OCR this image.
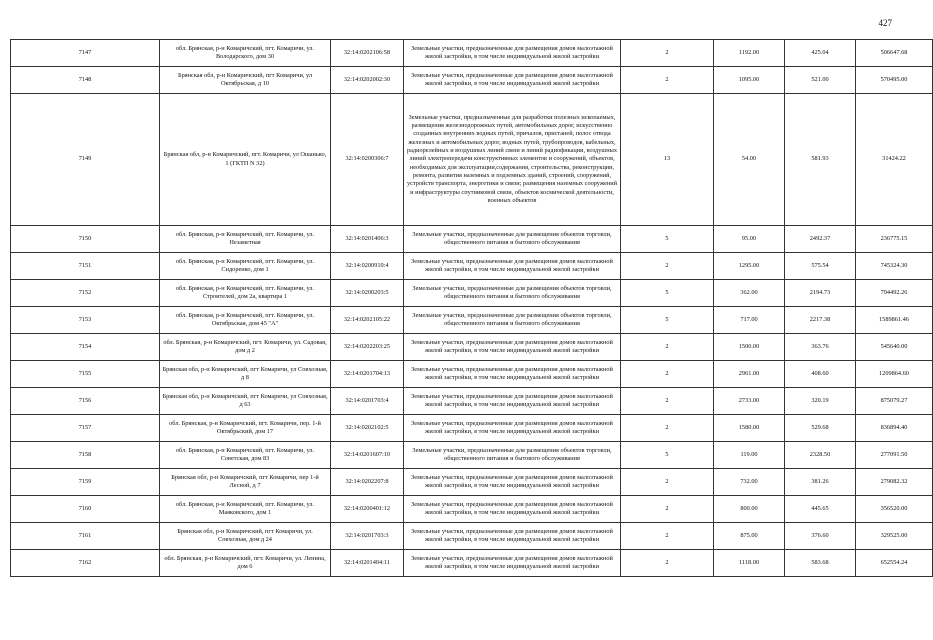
427
7147	обл. Брянская, р-н Комаричский, пгт. Комаричи, ул. Володарского, дом 30	32:14:0202106:58	Земельные участки, предназначенные для размещения домов малоэтажной жилой застройки, в том числе индивидуальной жилой застройки	2	1192.00	425.04	506647.68
7148	Брянская обл, р-н Комаричский, пгт Комаричи, ул Октябрьская, д 10	32:14:0202002:30	Земельные участки, предназначенные для размещения домов малоэтажной жилой застройки, в том числе индивидуальной жилой застройки	2	1095.00	521.00	570495.00
7149	Брянская обл, р-н Комаричский, пгт. Комаричи, ул Ошанько, 1 (ГКТП N 32)	32:14:0200306:7	Земельные участки, предназначенные для разработки полезных ископаемых, размещения железнодорожных путей, автомобильных дорог, искусственно созданных внутренних водных путей, причалов, пристаней, полос отвода железных и автомобильных дорог, водных путей, трубопроводов, кабельных, радиорелейных и воздушных линий связи и линий радиофикации, воздушных линий электропередачи конструктивных элементов и сооружений, объектов, необходимых для эксплуатации,содержания, строительства, реконструкции, ремонта, развития наземных и подземных зданий, строений, сооружений, устройств транспорта, энергетики и связи; размещения наземных сооружений и инфраструктуры спутниковой связи, объектов космической деятельности, военных объектов	13	54.00	581.93	31424.22
7150	обл. Брянская, р-н Комаричский, пгт. Комаричи, ул. Незаметная	32:14:0201406:3	Земельные участки, предназначенные для размещения объектов торговли, общественного питания и бытового обслуживания	5	95.00	2492.37	236775.15
7151	обл. Брянская, р-н Комаричский, пгт. Комаричи, ул. Сидоренко, дом 1	32:14:0200910:4	Земельные участки, предназначенные для размещения домов малоэтажной жилой застройки, в том числе индивидуальной жилой застройки	2	1295.00	575.54	745324.30
7152	обл. Брянская, р-н Комаричский, пгт. Комаричи, ул. Строителей, дом 2а, квартира 1	32:14:0200203:5	Земельные участки, предназначенные для размещения объектов торговли, общественного питания и бытового обслуживания	5	362.00	2194.73	794492.26
7153	обл. Брянская, р-н Комаричский, пгт. Комаричи, ул. Октябрьская, дом 45 "А"	32:14:0202105:22	Земельные участки, предназначенные для размещения объектов торговли, общественного питания и бытового обслуживания	5	717.00	2217.38	1589861.46
7154	обл. Брянская, р-н Комаричский, пгт. Комаричи, ул. Садовая, дом д 2	32:14:0202203:25	Земельные участки, предназначенные для размещения домов малоэтажной жилой застройки, в том числе индивидуальной жилой застройки	2	1500.00	363.76	545640.00
7155	Брянская обл, р-н Комаричский, пгт Комаричи, ул Совхозная, д 8	32:14:0201704:13	Земельные участки, предназначенные для размещения домов малоэтажной жилой застройки, в том числе индивидуальной жилой застройки	2	2961.00	408.60	1209864.60
7156	Брянская обл, р-н Комаричский, пгт Комаричи, ул Совхозная, д 63	32:14:0201703:4	Земельные участки, предназначенные для размещения домов малоэтажной жилой застройки, в том числе индивидуальной жилой застройки	2	2733.00	320.19	875079.27
7157	обл. Брянская, р-н Комаричский, пгт. Комаричи, пер. 1-й Октябрьский, дом 17	32:14:0202102:5	Земельные участки, предназначенные для размещения домов малоэтажной жилой застройки, в том числе индивидуальной жилой застройки	2	1580.00	529.68	836894.40
7158	обл. Брянская, р-н Комаричский, пгт. Комаричи, ул. Советская, дом 83	32:14:0201607:10	Земельные участки, предназначенные для размещения объектов торговли, общественного питания и бытового обслуживания	5	119.00	2328.50	277091.50
7159	Брянская обл, р-н Комаричский, пгт Комаричи, пер 1-й Лесной, д 7	32:14:0202207:8	Земельные участки, предназначенные для размещения домов малоэтажной жилой застройки, в том числе индивидуальной жилой застройки	2	732.00	381.26	279082.32
7160	обл. Брянская, р-н Комаричский, пгт. Комаричи, ул. Маяковского, дом 1	32:14:0200401:12	Земельные участки, предназначенные для размещения домов малоэтажной жилой застройки, в том числе индивидуальной жилой застройки	2	800.00	445.65	356520.00
7161	Брянская обл, р-н Комаричский, пгт Комаричи, ул. Совхозная, дом д 24	32:14:0201703:3	Земельные участки, предназначенные для размещения домов малоэтажной жилой застройки, в том числе индивидуальной жилой застройки	2	875.00	376.60	329525.00
7162	обл. Брянская, р-н Комаричский, пгт. Комаричи, ул. Ленина, дом 6	32:14:0201404:11	Земельные участки, предназначенные для размещения домов малоэтажной жилой застройки, в том числе индивидуальной жилой застройки	2	1118.00	583.68	652554.24
